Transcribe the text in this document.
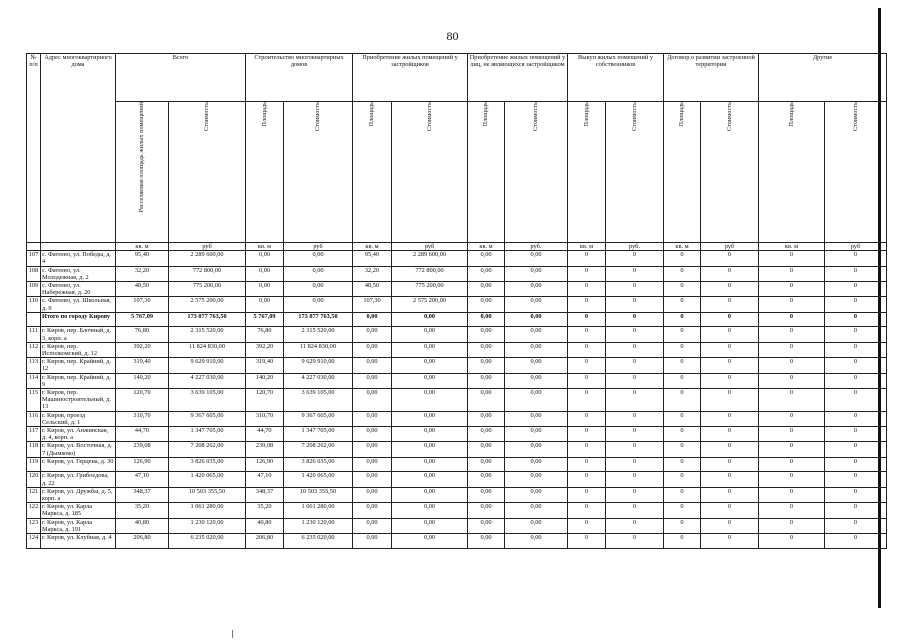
80
№ п/п	Адрес многоквартирного дома	Всего		Строительство многоквартирных домов		Приобретение жилых помещений у застройщиков		Приобретение жилых помещений у лиц, не являющихся застройщиком		Выкуп жилых помещений у собственников		Договор о развитии застроенной территории		Другие	
		Расселяемая площадь жилых помещений	Стоимость	Площадь	Стоимость	Площадь	Стоимость	Площадь	Стоимость	Площадь	Стоимость	Площадь	Стоимость	Площадь	Стоимость
		кв. м	руб	кв. м	руб	кв. м	руб	кв. м	руб.	кв. м	руб.	кв. м	руб	кв. м	руб
107	с. Фатеево, ул. Победы, д. 4	95,40	2 289 600,00	0,00	0,00	95,40	2 289 600,00	0,00	0,00	0	0	0	0	0	0
108	с. Фатеево, ул. Молодежная, д. 2	32,20	772 800,00	0,00	0,00	32,20	772 800,00	0,00	0,00	0	0	0	0	0	0
109	с. Фатеево, ул. Набережная, д. 20	48,50	775 200,00	0,00	0,00	48,50	775 200,00	0,00	0,00	0	0	0	0	0	0
110	с. Фатеево, ул. Школьная, д. 9	107,30	2 575 200,00	0,00	0,00	107,30	2 575 200,00	0,00	0,00	0	0	0	0	0	0
	Итого по городу Кирову	5 767,09	173 877 763,50	5 767,09	173 877 763,50	0,00	0,00	0,00	0,00	0	0	0	0	0	0
111	г. Киров, пер. Блочный, д. 3, корп. а	76,80	2 315 520,00	76,80	2 315 520,00	0,00	0,00	0,00	0,00	0	0	0	0	0	0
112	г. Киров, пер. Исполкомский, д. 12	392,20	11 824 830,00	392,20	11 824 830,00	0,00	0,00	0,00	0,00	0	0	0	0	0	0
113	г. Киров, пер. Крайний, д. 12	319,40	9 629 910,00	319,40	9 629 910,00	0,00	0,00	0,00	0,00	0	0	0	0	0	0
114	г. Киров, пер. Крайний, д. 9	140,20	4 227 030,00	140,20	4 227 030,00	0,00	0,00	0,00	0,00	0	0	0	0	0	0
115	г. Киров, пер. Машиностроительный, д. 13	120,70	3 639 105,00	120,70	3 639 105,00	0,00	0,00	0,00	0,00	0	0	0	0	0	0
116	г. Киров, проезд Сельский, д. 1	310,70	9 367 605,00	310,70	9 367 605,00	0,00	0,00	0,00	0,00	0	0	0	0	0	0
117	г. Киров, ул. Анжинская, д. 4, корп. а	44,70	1 347 705,00	44,70	1 347 705,00	0,00	0,00	0,00	0,00	0	0	0	0	0	0
118	г. Киров, ул. Восточная, д. 7 (Дымково)	239,08	7 208 262,00	239,08	7 208 262,00	0,00	0,00	0,00	0,00	0	0	0	0	0	0
119	г. Киров, ул. Герцена, д. 30	126,90	3 826 035,00	126,90	3 826 035,00	0,00	0,00	0,00	0,00	0	0	0	0	0	0
120	г. Киров, ул. Грибоедова, д. 22	47,10	1 420 065,00	47,10	1 420 065,00	0,00	0,00	0,00	0,00	0	0	0	0	0	0
121	г. Киров, ул. Дружбы, д. 5, корп. а	348,37	10 503 355,50	348,37	10 503 355,50	0,00	0,00	0,00	0,00	0	0	0	0	0	0
122	г. Киров, ул. Карла Маркса, д. 185	35,20	1 061 280,00	35,20	1 061 280,00	0,00	0,00	0,00	0,00	0	0	0	0	0	0
123	г. Киров, ул. Карла Маркса, д. 191	40,80	1 230 120,00	40,80	1 230 120,00	0,00	0,00	0,00	0,00	0	0	0	0	0	0
124	г. Киров, ул. Клубная, д. 4	206,80	6 235 020,00	206,80	6 235 020,00	0,00	0,00	0,00	0,00	0	0	0	0	0	0
